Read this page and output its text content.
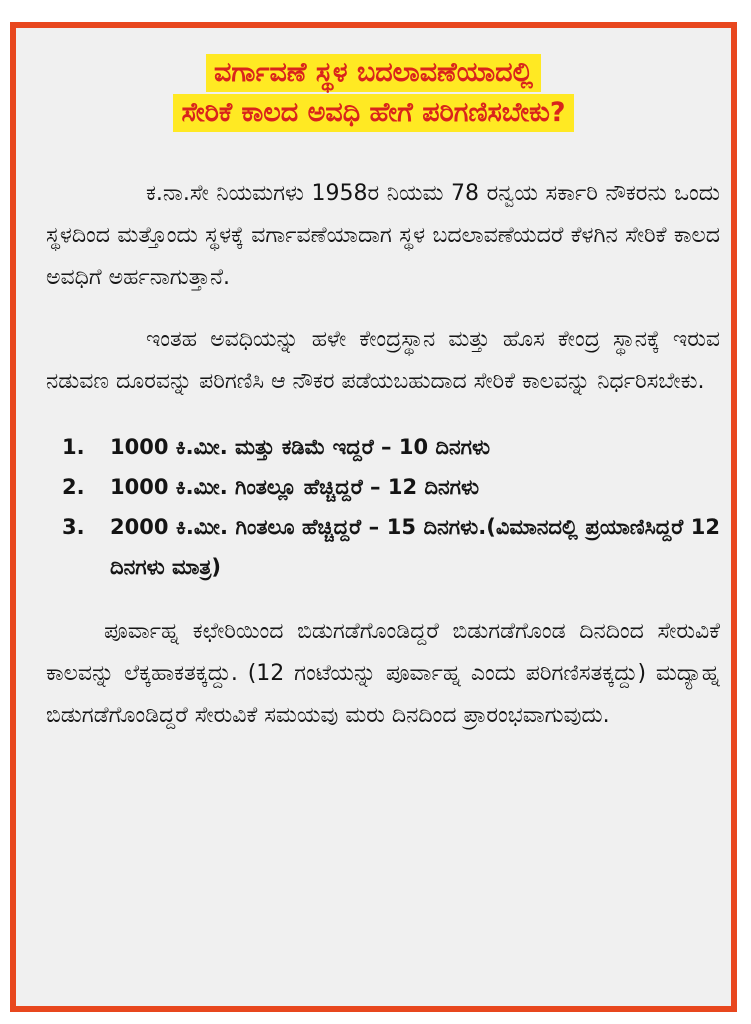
ವರ್ಗಾವಣೆ ಸ್ಥಳ ಬದಲಾವಣೆಯಾದಲ್ಲಿ
ಸೇರಿಕೆ ಕಾಲದ ಅವಧಿ ಹೇಗೆ ಪರಿಗಣಿಸಬೇಕು?

ಕ.ನಾ.ಸೇ ನಿಯಮಗಳು 1958ರ ನಿಯಮ 78 ರನ್ವಯ ಸರ್ಕಾರಿ ನೌಕರನು ಒಂದು ಸ್ಥಳದಿಂದ ಮತ್ತೊಂದು ಸ್ಥಳಕ್ಕೆ ವರ್ಗಾವಣೆಯಾದಾಗ ಸ್ಥಳ ಬದಲಾವಣೆಯದರೆ ಕೆಳಗಿನ ಸೇರಿಕೆ ಕಾಲದ ಅವಧಿಗೆ ಅರ್ಹನಾಗುತ್ತಾನೆ.

ಇಂತಹ ಅವಧಿಯನ್ನು ಹಳೇ ಕೇಂದ್ರಸ್ಥಾನ ಮತ್ತು ಹೊಸ ಕೇಂದ್ರ ಸ್ಥಾನಕ್ಕೆ ಇರುವ ನಡುವಣ ದೂರವನ್ನು ಪರಿಗಣಿಸಿ ಆ ನೌಕರ ಪಡೆಯಬಹುದಾದ ಸೇರಿಕೆ ಕಾಲವನ್ನು ನಿರ್ಧರಿಸಬೇಕು.

1. 1000 ಕಿ.ಮೀ. ಮತ್ತು ಕಡಿಮೆ ಇದ್ದರೆ – 10 ದಿನಗಳು
2. 1000 ಕಿ.ಮೀ. ಗಿಂತಲ್ಲೂ ಹೆಚ್ಚಿದ್ದರೆ – 12 ದಿನಗಳು
3. 2000 ಕಿ.ಮೀ. ಗಿಂತಲೂ ಹೆಚ್ಚಿದ್ದರೆ – 15 ದಿನಗಳು.(ವಿಮಾನದಲ್ಲಿ ಪ್ರಯಾಣಿಸಿದ್ದರೆ 12 ದಿನಗಳು ಮಾತ್ರ)

ಪೂರ್ವಾಹ್ನ ಕಛೇರಿಯಿಂದ ಬಿಡುಗಡೆಗೊಂಡಿದ್ದರೆ ಬಿಡುಗಡೆಗೊಂಡ ದಿನದಿಂದ ಸೇರುವಿಕೆ ಕಾಲವನ್ನು ಲೆಕ್ಕಹಾಕತಕ್ಕದ್ದು. (12 ಗಂಟೆಯನ್ನು ಪೂರ್ವಾಹ್ನ ಎಂದು ಪರಿಗಣಿಸತಕ್ಕದ್ದು) ಮದ್ಯಾಹ್ನ ಬಿಡುಗಡೆಗೊಂಡಿದ್ದರೆ ಸೇರುವಿಕೆ ಸಮಯವು ಮರು ದಿನದಿಂದ ಪ್ರಾರಂಭವಾಗುವುದು.
